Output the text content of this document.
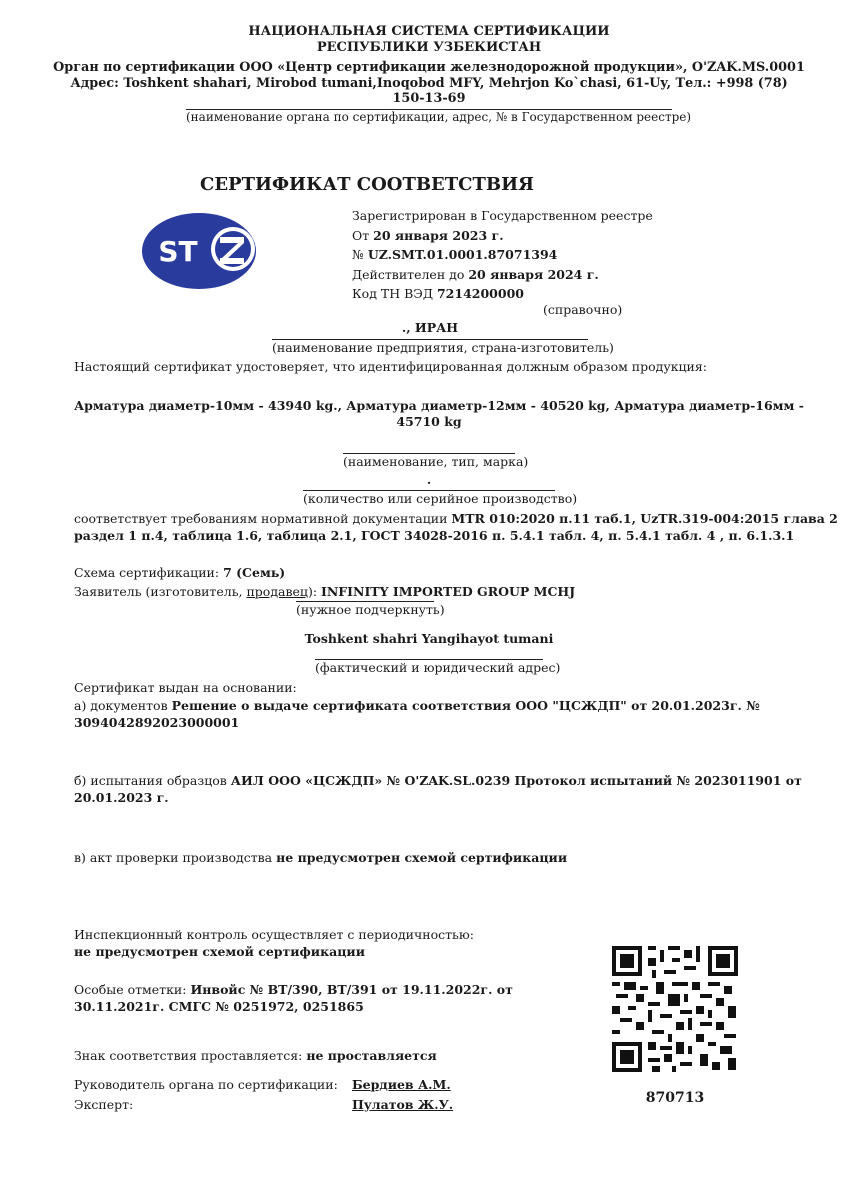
НАЦИОНАЛЬНАЯ СИСТЕМА СЕРТИФИКАЦИИ
РЕСПУБЛИКИ УЗБЕКИСТАН
Орган по сертификации ООО «Центр сертификации железнодорожной продукции», O'ZAK.MS.0001
Адрес: Toshkent shahari, Mirobod tumani,Inoqobod MFY, Mehrjon Ko`chasi, 61-Uy, Тел.: +998 (78)
150-13-69
(наименование органа по сертификации, адрес, № в Государственном реестре)
СЕРТИФИКАТ СООТВЕТСТВИЯ
ST
Зарегистрирован в Государственном реестре
От 20 января 2023 г.
№ UZ.SMT.01.0001.87071394
Действителен до 20 января 2024 г.
Код ТН ВЭД 7214200000
(справочно)
., ИРАН
(наименование предприятия, страна-изготовитель)
Настоящий сертификат удостоверяет, что идентифицированная должным образом продукция:
Арматура диаметр-10мм - 43940 kg., Арматура диаметр-12мм - 40520 kg, Арматура диаметр-16мм -
45710 kg
(наименование, тип, марка)
.
(количество или серийное производство)
соответствует требованиям нормативной документации MTR 010:2020 п.11 таб.1, UzTR.319-004:2015 глава 2
раздел 1 п.4, таблица 1.6, таблица 2.1, ГОСТ 34028-2016 п. 5.4.1 табл. 4, п. 5.4.1 табл. 4 , п. 6.1.3.1
Схема сертификации: 7 (Семь)
Заявитель (изготовитель, продавец): INFINITY IMPORTED GROUP MCHJ
(нужное подчеркнуть)
Toshkent shahri Yangihayot tumani
(фактический и юридический адрес)
Сертификат выдан на основании:
а) документов Решение о выдаче сертификата соответствия ООО "ЦСЖДП" от 20.01.2023г. №
3094042892023000001
б) испытания образцов АИЛ ООО «ЦСЖДП» № O'ZAK.SL.0239 Протокол испытаний № 2023011901 от
20.01.2023 г.
в) акт проверки производства не предусмотрен схемой сертификации
Инспекционный контроль осуществляет с периодичностью:
не предусмотрен схемой сертификации
Особые отметки: Инвойс № BT/390, BT/391 от 19.11.2022г. от
30.11.2021г. СМГС № 0251972, 0251865
Знак соответствия проставляется: не проставляется
Руководитель органа по сертификации: Бердиев А.М.
Эксперт:	Пулатов Ж.У.	870713
